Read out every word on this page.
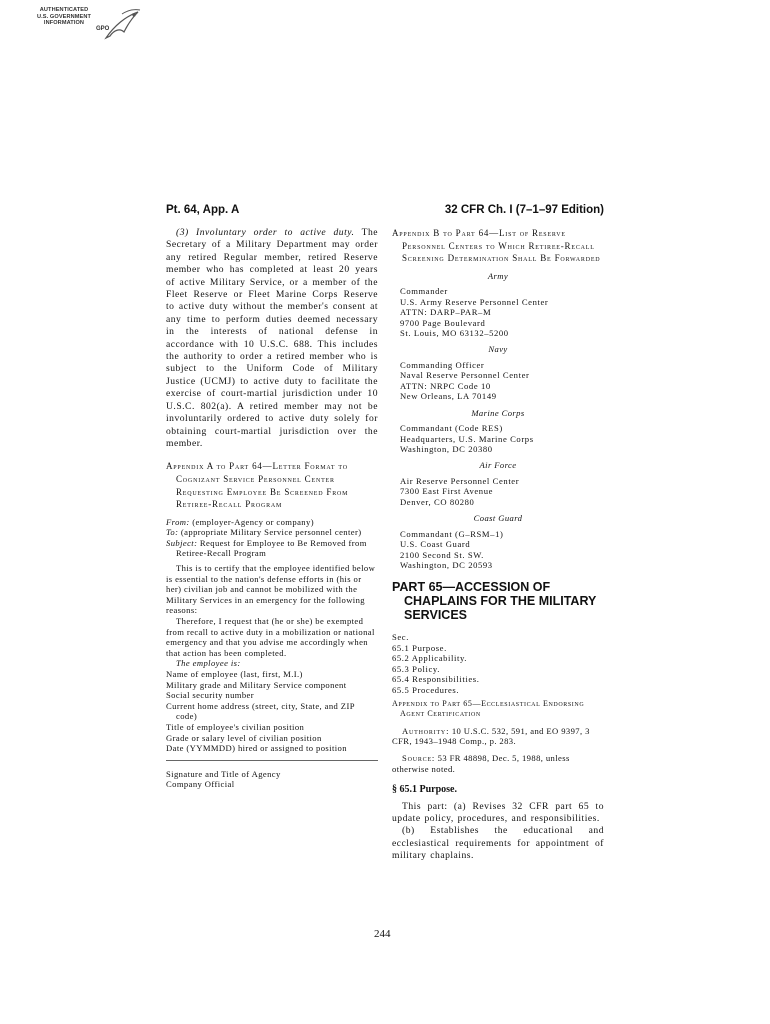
AUTHENTICATED
U.S. GOVERNMENT
INFORMATION
GPO
Pt. 64, App. A	32 CFR Ch. I (7–1–97 Edition)

(3) Involuntary order to active duty. The Secretary of a Military Department may order any retired Regular member, retired Reserve member who has completed at least 20 years of active Military Service, or a member of the Fleet Reserve or Fleet Marine Corps Reserve to active duty without the member's consent at any time to perform duties deemed necessary in the interests of national defense in accordance with 10 U.S.C. 688. This includes the authority to order a retired member who is subject to the Uniform Code of Military Justice (UCMJ) to active duty to facilitate the exercise of court-martial jurisdiction under 10 U.S.C. 802(a). A retired member may not be involuntarily ordered to active duty solely for obtaining court-martial jurisdiction over the member.

Appendix A to Part 64—Letter Format to Cognizant Service Personnel Center Requesting Employee Be Screened From Retiree-Recall Program

From: (employer-Agency or company)

To: (appropriate Military Service personnel center)

Subject: Request for Employee to Be Removed from Retiree-Recall Program

This is to certify that the employee identified below is essential to the nation's defense efforts in (his or her) civilian job and cannot be mobilized with the Military Services in an emergency for the following reasons:

Therefore, I request that (he or she) be exempted from recall to active duty in a mobilization or national emergency and that you advise me accordingly when that action has been completed.

The employee is:

Name of employee (last, first, M.I.)

Military grade and Military Service component

Social security number

Current home address (street, city, State, and ZIP code)

Title of employee's civilian position

Grade or salary level of civilian position

Date (YYMMDD) hired or assigned to position

Signature and Title of Agency

Company Official

Appendix B to Part 64—List of Reserve Personnel Centers to Which Retiree-Recall Screening Determination Shall Be Forwarded

Army

Commander

U.S. Army Reserve Personnel Center

ATTN: DARP–PAR–M

9700 Page Boulevard

St. Louis, MO 63132–5200

Navy

Commanding Officer

Naval Reserve Personnel Center

ATTN: NRPC Code 10

New Orleans, LA 70149

Marine Corps

Commandant (Code RES)

Headquarters, U.S. Marine Corps

Washington, DC 20380

Air Force

Air Reserve Personnel Center

7300 East First Avenue

Denver, CO 80280

Coast Guard

Commandant (G–RSM–1)

U.S. Coast Guard

2100 Second St. SW.

Washington, DC 20593

PART 65—ACCESSION OF CHAPLAINS FOR THE MILITARY SERVICES

Sec.

65.1 Purpose.

65.2 Applicability.

65.3 Policy.

65.4 Responsibilities.

65.5 Procedures.

Appendix to Part 65—Ecclesiastical Endorsing Agent Certification

Authority: 10 U.S.C. 532, 591, and EO 9397, 3 CFR, 1943–1948 Comp., p. 283.

Source: 53 FR 48898, Dec. 5, 1988, unless otherwise noted.

§ 65.1 Purpose.

This part: (a) Revises 32 CFR part 65 to update policy, procedures, and responsibilities.

(b) Establishes the educational and ecclesiastical requirements for appointment of military chaplains.

244
